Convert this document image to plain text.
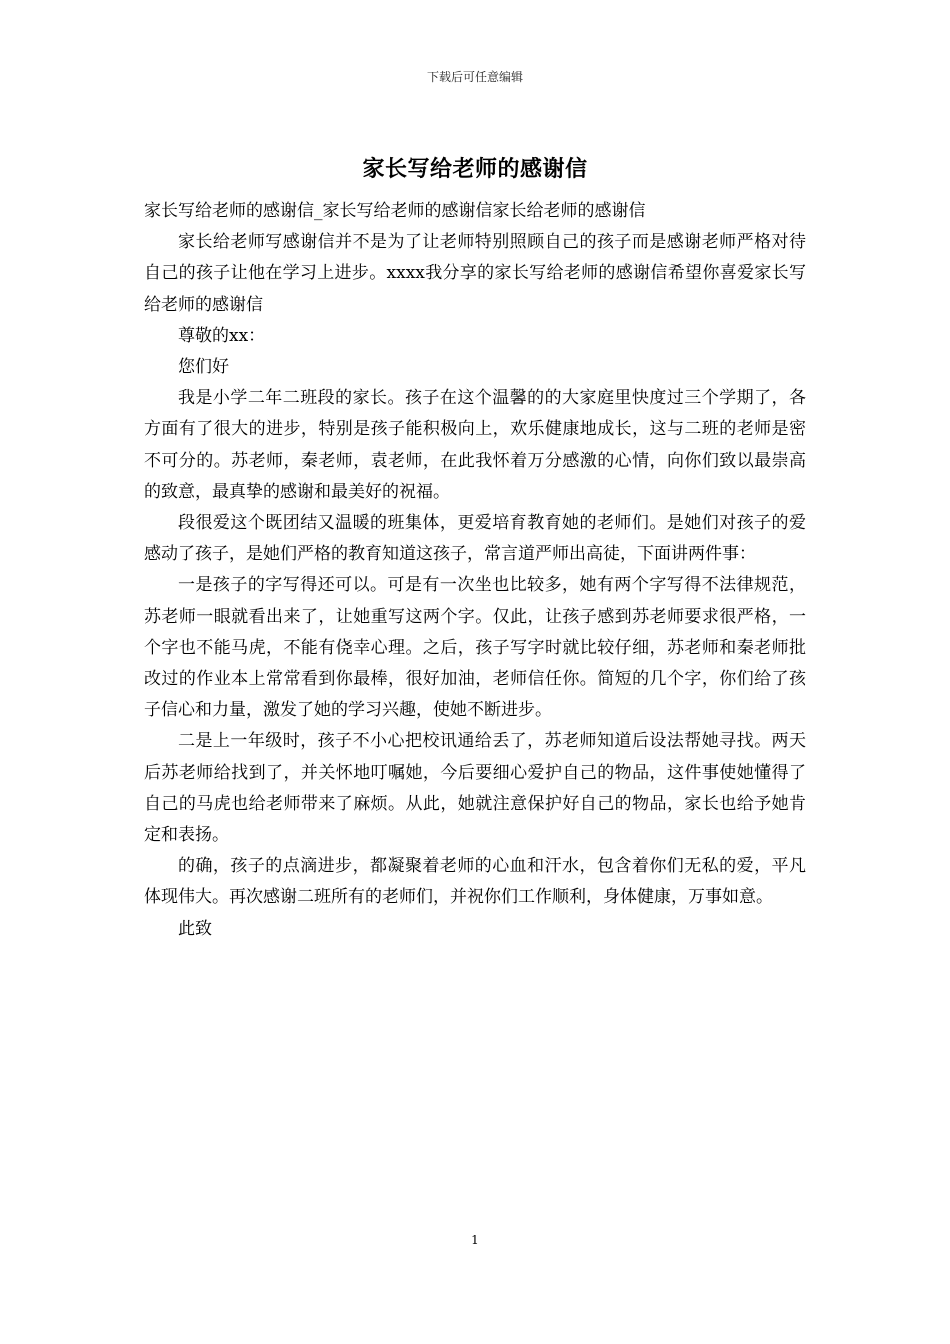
下载后可任意编辑
家长写给老师的感谢信

家长写给老师的感谢信_家长写给老师的感谢信家长给老师的感谢信

家长给老师写感谢信并不是为了让老师特别照顾自己的孩子而是感谢老师严格对待自己的孩子让他在学习上进步。xxxx我分享的家长写给老师的感谢信希望你喜爱家长写给老师的感谢信

尊敬的xx：

您们好

我是小学二年二班段的家长。孩子在这个温馨的的大家庭里快度过三个学期了，各方面有了很大的进步，特别是孩子能积极向上，欢乐健康地成长，这与二班的老师是密不可分的。苏老师，秦老师，袁老师，在此我怀着万分感激的心情，向你们致以最崇高的致意，最真挚的感谢和最美好的祝福。

段很爱这个既团结又温暖的班集体，更爱培育教育她的老师们。是她们对孩子的爱感动了孩子，是她们严格的教育知道这孩子，常言道严师出高徒，下面讲两件事：

一是孩子的字写得还可以。可是有一次坐也比较多，她有两个字写得不法律规范，苏老师一眼就看出来了，让她重写这两个字。仅此，让孩子感到苏老师要求很严格，一个字也不能马虎，不能有侥幸心理。之后，孩子写字时就比较仔细，苏老师和秦老师批改过的作业本上常常看到你最棒，很好加油，老师信任你。简短的几个字，你们给了孩子信心和力量，激发了她的学习兴趣，使她不断进步。

二是上一年级时，孩子不小心把校讯通给丢了，苏老师知道后设法帮她寻找。两天后苏老师给找到了，并关怀地叮嘱她，今后要细心爱护自己的物品，这件事使她懂得了自己的马虎也给老师带来了麻烦。从此，她就注意保护好自己的物品，家长也给予她肯定和表扬。

的确，孩子的点滴进步，都凝聚着老师的心血和汗水，包含着你们无私的爱，平凡体现伟大。再次感谢二班所有的老师们，并祝你们工作顺利，身体健康，万事如意。

此致

1
